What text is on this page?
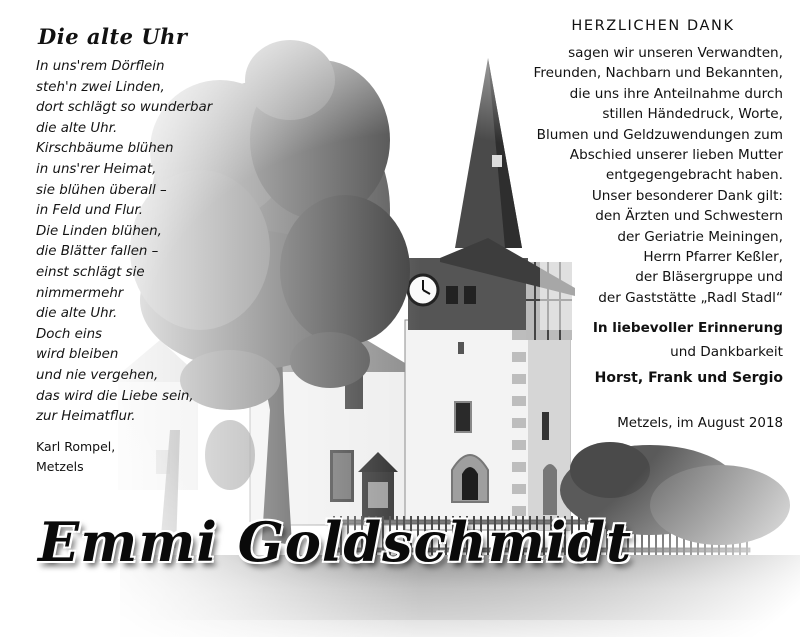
Die alte Uhr
In uns'rem Dörflein
steh'n zwei Linden,
dort schlägt so wunderbar
die alte Uhr.
Kirschbäume blühen
in uns'rer Heimat,
sie blühen überall –
in Feld und Flur.
Die Linden blühen,
die Blätter fallen –
einst schlägt sie
nimmermehr
die alte Uhr.
Doch eins
wird bleiben
und nie vergehen,
das wird die Liebe sein,
zur Heimatflur.
Karl Rompel,
Metzels
HERZLICHEN DANK
sagen wir unseren Verwandten,
Freunden, Nachbarn und Bekannten,
die uns ihre Anteilnahme durch
stillen Händedruck, Worte,
Blumen und Geldzuwendungen zum
Abschied unserer lieben Mutter
entgegengebracht haben.
Unser besonderer Dank gilt:
den Ärzten und Schwestern
der Geriatrie Meiningen,
Herrn Pfarrer Keßler,
der Bläsergruppe und
der Gaststätte „Radl Stadl“
In liebevoller Erinnerung
und Dankbarkeit
Horst, Frank und Sergio
Metzels, im August 2018
Emmi Goldschmidt
